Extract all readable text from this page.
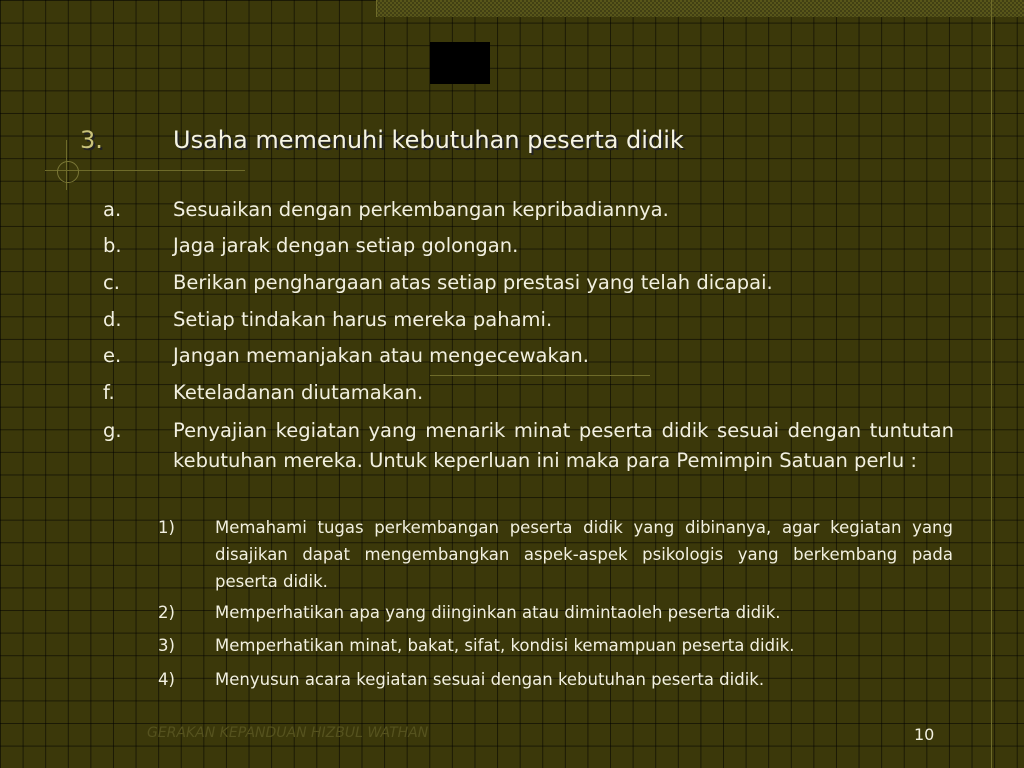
3.	Usaha memenuhi kebutuhan peserta didik
a.	Sesuaikan dengan perkembangan kepribadiannya.
b.	Jaga jarak dengan setiap golongan.
c.	Berikan penghargaan atas setiap prestasi yang telah dicapai.
d.	Setiap tindakan harus mereka pahami.
e.	Jangan memanjakan atau mengecewakan.
f.	Keteladanan diutamakan.
g.	Penyajian kegiatan yang menarik minat peserta didik sesuai dengan tuntutan kebutuhan mereka. Untuk keperluan ini maka para Pemimpin Satuan perlu :
1) Memahami tugas perkembangan peserta didik yang dibinanya, agar kegiatan yang disajikan dapat mengembangkan aspek-aspek psikologis yang berkembang pada peserta didik.
2) Memperhatikan apa yang diinginkan atau dimintaoleh peserta didik.
3) Memperhatikan minat, bakat, sifat, kondisi kemampuan peserta didik.
4) Menyusun acara kegiatan sesuai dengan kebutuhan peserta didik.
GERAKAN KEPANDUAN HIZBUL WATHAN	10
